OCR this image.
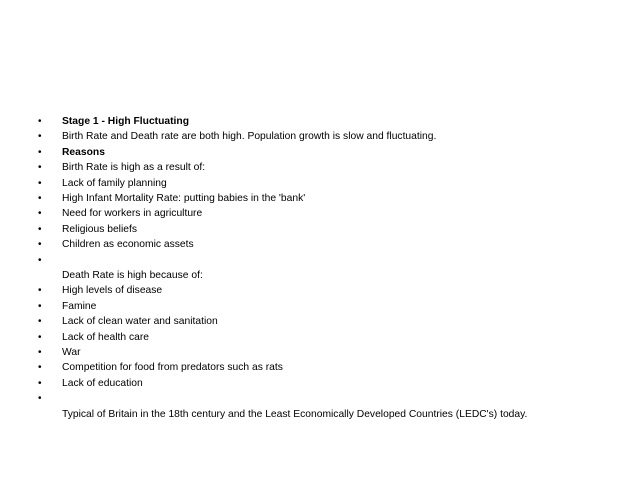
• Stage 1 - High Fluctuating
• Birth Rate and Death rate are both high. Population growth is slow and fluctuating.
• Reasons
• Birth Rate is high as a result of:
• Lack of family planning
• High Infant Mortality Rate: putting babies in the 'bank'
• Need for workers in agriculture
• Religious beliefs
• Children as economic assets
•
Death Rate is high because of:
• High levels of disease
• Famine
• Lack of clean water and sanitation
• Lack of health care
• War
• Competition for food from predators such as rats
• Lack of education
•
Typical of Britain in the 18th century and the Least Economically Developed Countries (LEDC's) today.
